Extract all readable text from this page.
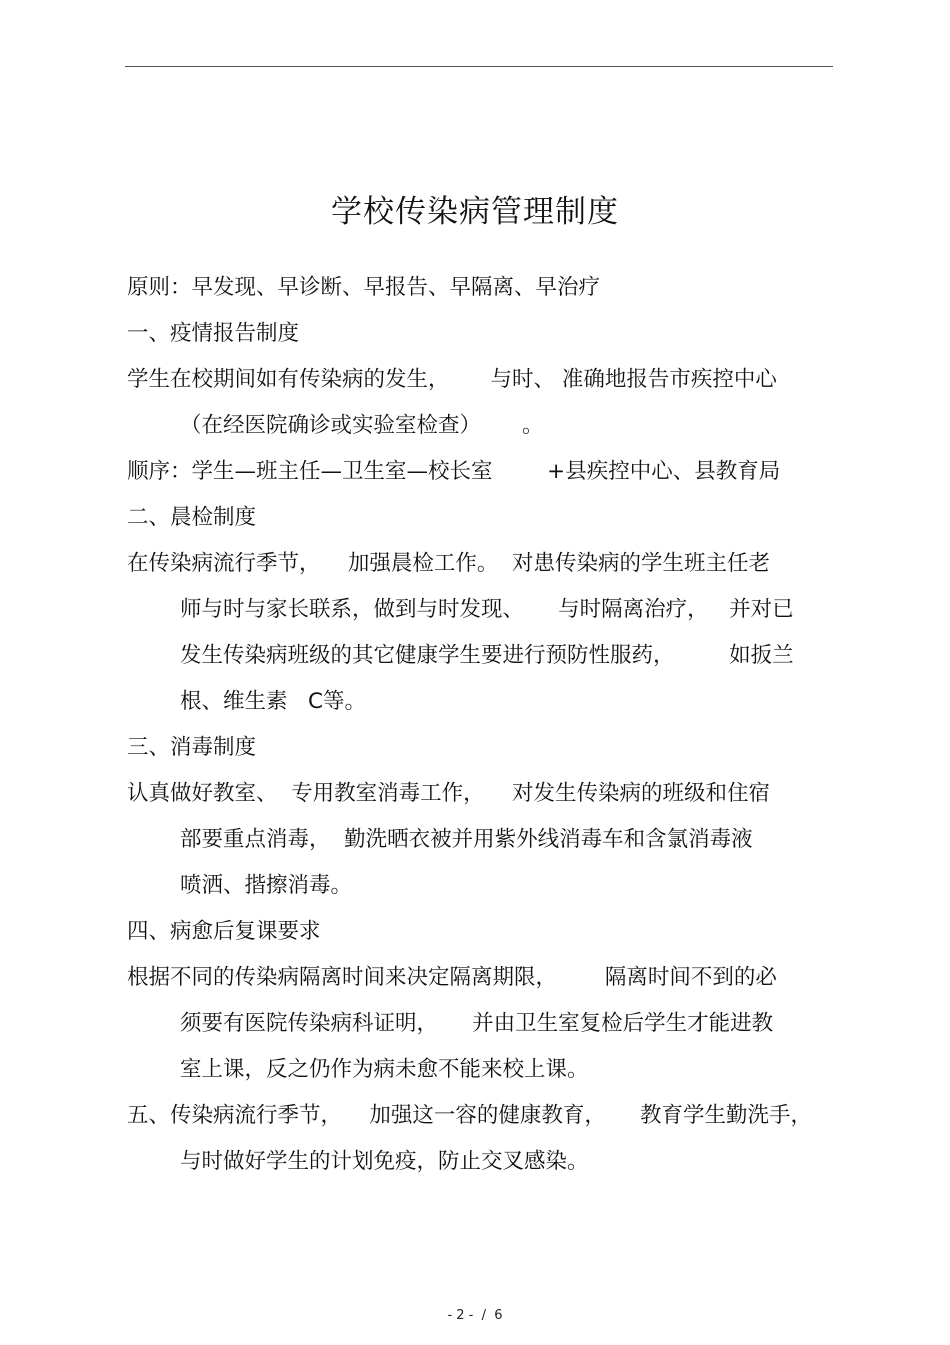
学校传染病管理制度
原则：早发现、早诊断、早报告、早隔离、早治疗
一、疫情报告制度
学生在校期间如有传染病的发生，      与时、 准确地报告市疾控中心
（在经医院确诊或实验室检查）      。
顺序：学生—班主任—卫生室—校长室        +县疾控中心、县教育局
二、晨检制度
在传染病流行季节，    加强晨检工作。  对患传染病的学生班主任老
师与时与家长联系，做到与时发现、     与时隔离治疗，   并对已
发生传染病班级的其它健康学生要进行预防性服药，        如扳兰
根、维生素   C等。
三、消毒制度
认真做好教室、  专用教室消毒工作，    对发生传染病的班级和住宿
部要重点消毒，  勤洗晒衣被并用紫外线消毒车和含氯消毒液
喷洒、揩擦消毒。
四、病愈后复课要求
根据不同的传染病隔离时间来决定隔离期限，       隔离时间不到的必
须要有医院传染病科证明，     并由卫生室复检后学生才能进教
室上课，反之仍作为病未愈不能来校上课。
五、传染病流行季节，    加强这一容的健康教育，     教育学生勤洗手，
与时做好学生的计划免疫，防止交叉感染。
- 2 -  /  6
